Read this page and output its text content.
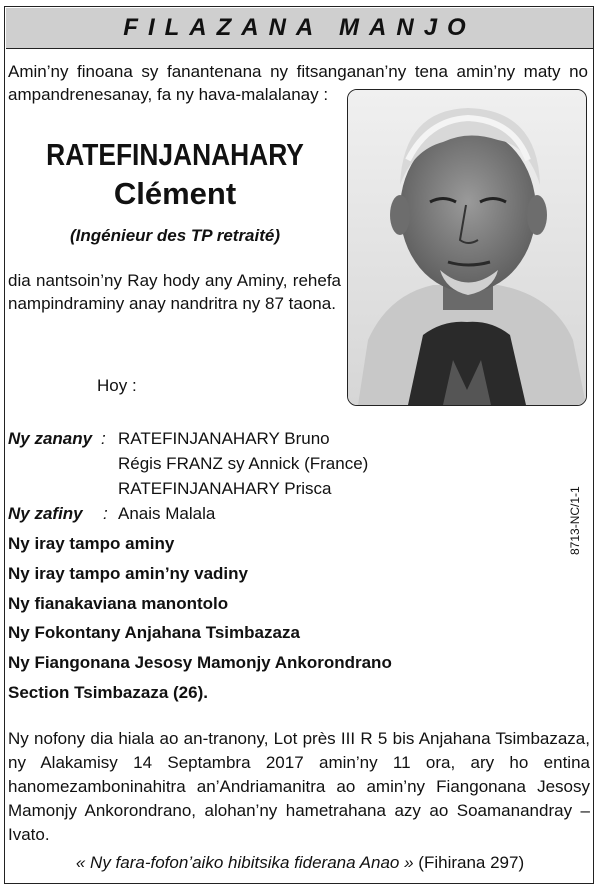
FILAZANA MANJO
Amin’ny finoana sy fanantenana ny fitsanganan’ny tena amin’ny maty no ampandrenesanay, fa ny hava-malalanay :
RATEFINJANAHARY
Clément
(Ingénieur des TP retraité)
dia nantsoin’ny Ray hody any Aminy, rehefa nampindraminy anay nandritra ny 87 taona.
Hoy :
Ny zanany : RATEFINJANAHARY Bruno
Régis FRANZ sy Annick (France)
RATEFINJANAHARY Prisca
Ny zafiny : Anais Malala
Ny iray tampo aminy
Ny iray tampo amin’ny vadiny
Ny fianakaviana manontolo
Ny Fokontany Anjahana Tsimbazaza
Ny Fiangonana Jesosy Mamonjy Ankorondrano
Section Tsimbazaza (26).
8713-NC/1-1
Ny nofony dia hiala ao an-tranony, Lot près III R 5 bis Anjahana Tsimbazaza, ny Alakamisy 14 Septambra 2017 amin’ny 11 ora, ary ho entina hanomezamboninahitra an’Andriamanitra ao amin’ny Fiangonana Jesosy Mamonjy Ankorondrano, alohan’ny hametrahana azy ao Soamanandray – Ivato.
« Ny fara-fofon’aiko hibitsika fiderana Anao » (Fihirana 297)
